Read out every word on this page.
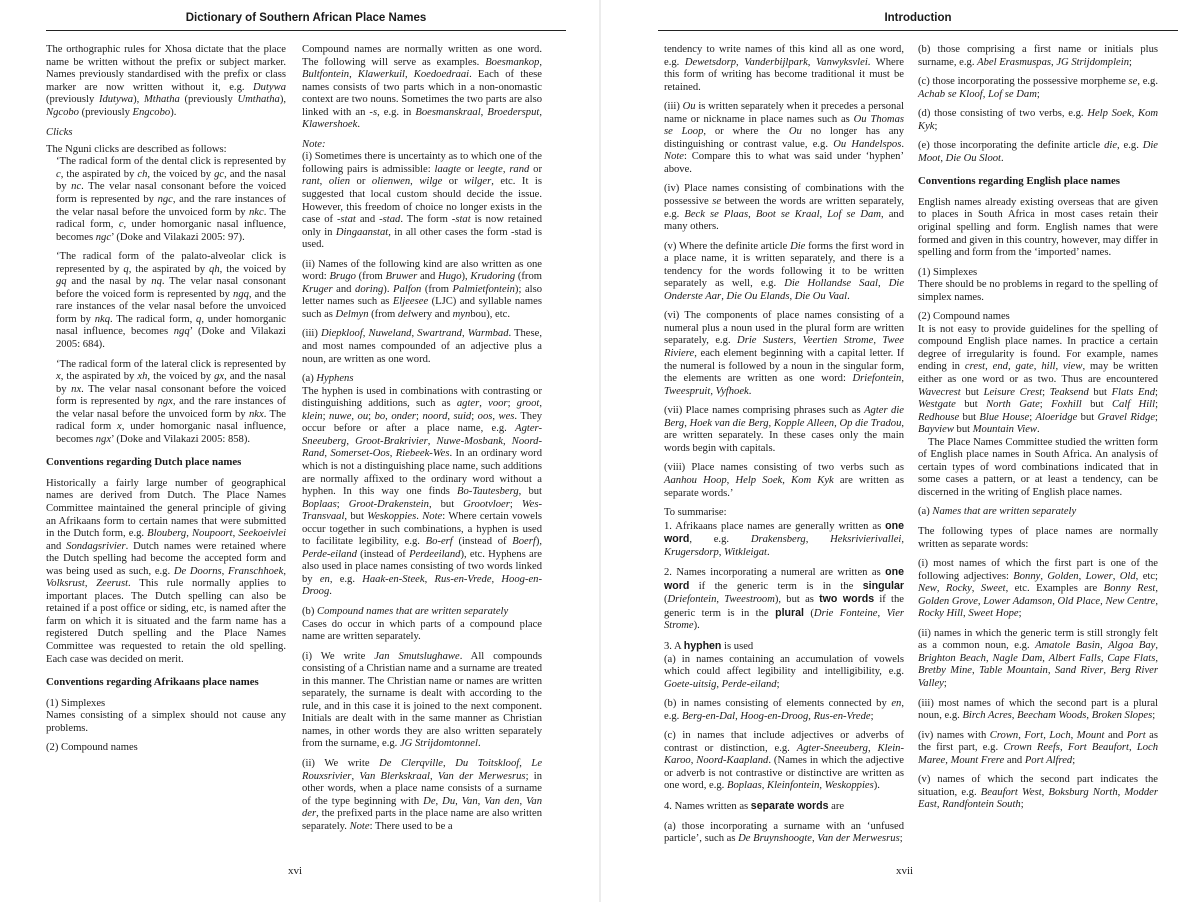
Dictionary of Southern African Place Names

The orthographic rules for Xhosa dictate that the place name be written without the prefix or subject marker. Names previously standardised with the prefix or class marker are now written without it, e.g. Dutywa (previously Idutywa), Mthatha (previously Umthatha), Ngcobo (previously Engcobo).

Clicks

The Nguni clicks are described as follows:

‘The radical form of the dental click is represented by c, the aspirated by ch, the voiced by gc, and the nasal by nc. The velar nasal consonant before the voiced form is represented by ngc, and the rare instances of the velar nasal before the unvoiced form by nkc. The radical form, c, under homorganic nasal influence, becomes ngc’ (Doke and Vilakazi 2005: 97).

‘The radical form of the palato-alveolar click is represented by q, the aspirated by qh, the voiced by gq and the nasal by nq. The velar nasal consonant before the voiced form is represented by ngq, and the rare instances of the velar nasal before the unvoiced form by nkq. The radical form, q, under homorganic nasal influence, becomes ngq’ (Doke and Vilakazi 2005: 684).

‘The radical form of the lateral click is represented by x, the aspirated by xh, the voiced by gx, and the nasal by nx. The velar nasal consonant before the voiced form is represented by ngx, and the rare instances of the velar nasal before the unvoiced form by nkx. The radical form x, under homorganic nasal influence, becomes ngx’ (Doke and Vilakazi 2005: 858).

Conventions regarding Dutch place names

Historically a fairly large number of geographical names are derived from Dutch. The Place Names Committee maintained the general principle of giving an Afrikaans form to certain names that were submitted in the Dutch form, e.g. Blouberg, Noupoort, Seekoeivlei and Sondagsrivier. Dutch names were retained where the Dutch spelling had become the accepted form and was being used as such, e.g. De Doorns, Franschhoek, Volksrust, Zeerust. This rule normally applies to important places. The Dutch spelling can also be retained if a post office or siding, etc, is named after the farm on which it is situated and the farm name has a registered Dutch spelling and the Place Names Committee was requested to retain the old spelling. Each case was decided on merit.

Conventions regarding Afrikaans place names

(1) Simplexes

Names consisting of a simplex should not cause any problems.

(2) Compound names

Compound names are normally written as one word. The following will serve as examples. Boesmankop, Bultfontein, Klawerkuil, Koedoedraai. Each of these names consists of two parts which in a non-onomastic context are two nouns. Sometimes the two parts are also linked with an -s, e.g. in Boesmanskraal, Broedersput, Klawershoek.

Note:

(i) Sometimes there is uncertainty as to which one of the following pairs is admissible: laagte or leegte, rand or rant, olien or olienwen, wilge or wilger, etc. It is suggested that local custom should decide the issue. However, this freedom of choice no longer exists in the case of -stat and -stad. The form -stat is now retained only in Dingaanstat, in all other cases the form -stad is used.

(ii) Names of the following kind are also written as one word: Brugo (from Bruwer and Hugo), Krudoring (from Kruger and doring). Palfon (from Palmietfontein); also letter names such as Eljeesee (LJC) and syllable names such as Delmyn (from delwery and mynbou), etc.

(iii) Diepkloof, Nuweland, Swartrand, Warmbad. These, and most names compounded of an adjective plus a noun, are written as one word.

(a) Hyphens

The hyphen is used in combinations with contrasting or distinguishing additions, such as agter, voor; groot, klein; nuwe, ou; bo, onder; noord, suid; oos, wes. They occur before or after a place name, e.g. Agter-Sneeuberg, Groot-Brakrivier, Nuwe-Mosbank, Noord-Rand, Somerset-Oos, Riebeek-Wes. In an ordinary word which is not a distinguishing place name, such additions are normally affixed to the ordinary word without a hyphen. In this way one finds Bo-Tautesberg, but Boplaas; Groot-Drakenstein, but Grootvloer; Wes-Transvaal, but Weskoppies. Note: Where certain vowels occur together in such combinations, a hyphen is used to facilitate legibility, e.g. Bo-erf (instead of Boerf), Perde-eiland (instead of Perdeeiland), etc. Hyphens are also used in place names consisting of two words linked by en, e.g. Haak-en-Steek, Rus-en-Vrede, Hoog-en-Droog.

(b) Compound names that are written separately

Cases do occur in which parts of a compound place name are written separately.

(i) We write Jan Smutslughawe. All compounds consisting of a Christian name and a surname are treated in this manner. The Christian name or names are written separately, the surname is dealt with according to the rule, and in this case it is joined to the next component. Initials are dealt with in the same manner as Christian names, in other words they are also written separately from the surname, e.g. JG Strijdomtonnel.

(ii) We write De Clerqville, Du Toitskloof, Le Rouxsrivier, Van Blerkskraal, Van der Merwesrus; in other words, when a place name consists of a surname of the type beginning with De, Du, Van, Van den, Van der, the prefixed parts in the place name are also written separately. Note: There used to be a

xvi
Introduction

tendency to write names of this kind all as one word, e.g. Dewetsdorp, Vanderbijlpark, Vanwyksvlei. Where this form of writing has become traditional it must be retained.

(iii) Ou is written separately when it precedes a personal name or nickname in place names such as Ou Thomas se Loop, or where the Ou no longer has any distinguishing or contrast value, e.g. Ou Handelspos. Note: Compare this to what was said under ‘hyphen’ above.

(iv) Place names consisting of combinations with the possessive se between the words are written separately, e.g. Beck se Plaas, Boot se Kraal, Lof se Dam, and many others.

(v) Where the definite article Die forms the first word in a place name, it is written separately, and there is a tendency for the words following it to be written separately as well, e.g. Die Hollandse Saal, Die Onderste Aar, Die Ou Elands, Die Ou Vaal.

(vi) The components of place names consisting of a numeral plus a noun used in the plural form are written separately, e.g. Drie Susters, Veertien Strome, Twee Riviere, each element beginning with a capital letter. If the numeral is followed by a noun in the singular form, the elements are written as one word: Driefontein, Tweespruit, Vyfhoek.

(vii) Place names comprising phrases such as Agter die Berg, Hoek van die Berg, Kopple Alleen, Op die Tradou, are written separately. In these cases only the main words begin with capitals.

(viii) Place names consisting of two verbs such as Aanhou Hoop, Help Soek, Kom Kyk are written as separate words.’

To summarise:

1. Afrikaans place names are generally written as one word, e.g. Drakensberg, Heksrivierivallei, Krugersdorp, Witkleigat.

2. Names incorporating a numeral are written as one word if the generic term is in the singular (Driefontein, Tweestroom), but as two words if the generic term is in the plural (Drie Fonteine, Vier Strome).

3. A hyphen is used

(a) in names containing an accumulation of vowels which could affect legibility and intelligibility, e.g. Goete-uitsig, Perde-eiland;

(b) in names consisting of elements connected by en, e.g. Berg-en-Dal, Hoog-en-Droog, Rus-en-Vrede;

(c) in names that include adjectives or adverbs of contrast or distinction, e.g. Agter-Sneeuberg, Klein-Karoo, Noord-Kaapland. (Names in which the adjective or adverb is not contrastive or distinctive are written as one word, e.g. Boplaas, Kleinfontein, Weskoppies).

4. Names written as separate words are

(a) those incorporating a surname with an ‘unfused particle’, such as De Bruynshoogte, Van der Merwesrus;

(b) those comprising a first name or initials plus surname, e.g. Abel Erasmuspas, JG Strijdomplein;

(c) those incorporating the possessive morpheme se, e.g. Achab se Kloof, Lof se Dam;

(d) those consisting of two verbs, e.g. Help Soek, Kom Kyk;

(e) those incorporating the definite article die, e.g. Die Moot, Die Ou Sloot.

Conventions regarding English place names

English names already existing overseas that are given to places in South Africa in most cases retain their original spelling and form. English names that were formed and given in this country, however, may differ in spelling and form from the ‘imported’ names.

(1) Simplexes

There should be no problems in regard to the spelling of simplex names.

(2) Compound names

It is not easy to provide guidelines for the spelling of compound English place names. In practice a certain degree of irregularity is found. For example, names ending in crest, end, gate, hill, view, may be written either as one word or as two. Thus are encountered Wavecrest but Leisure Crest; Teaksend but Flats End; Westgate but North Gate; Foxhill but Calf Hill; Redhouse but Blue House; Aloeridge but Gravel Ridge; Bayview but Mountain View.

The Place Names Committee studied the written form of English place names in South Africa. An analysis of certain types of word combinations indicated that in some cases a pattern, or at least a tendency, can be discerned in the writing of English place names.

(a) Names that are written separately

The following types of place names are normally written as separate words:

(i) most names of which the first part is one of the following adjectives: Bonny, Golden, Lower, Old, etc; New, Rocky, Sweet, etc. Examples are Bonny Rest, Golden Grove, Lower Adamson, Old Place, New Centre, Rocky Hill, Sweet Hope;

(ii) names in which the generic term is still strongly felt as a common noun, e.g. Amatole Basin, Algoa Bay, Brighton Beach, Nagle Dam, Albert Falls, Cape Flats, Bretby Mine, Table Mountain, Sand River, Berg River Valley;

(iii) most names of which the second part is a plural noun, e.g. Birch Acres, Beecham Woods, Broken Slopes;

(iv) names with Crown, Fort, Loch, Mount and Port as the first part, e.g. Crown Reefs, Fort Beaufort, Loch Maree, Mount Frere and Port Alfred;

(v) names of which the second part indicates the situation, e.g. Beaufort West, Boksburg North, Modder East, Randfontein South;

xvii
